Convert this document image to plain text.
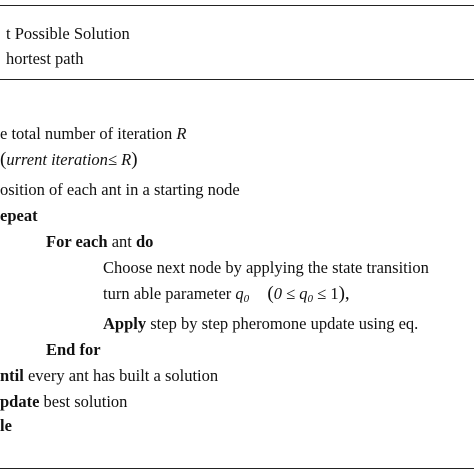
t Possible Solution
hortest path
e total number of iteration R
(urrent iteration≤ R)
osition of each ant in a starting node
epeat
For each ant do
Choose next node by applying the state transition
turn able parameter $q_0$ $(0 \le q_0 \le 1)$,
Apply step by step pheromone update using eq.
End for
ntil every ant has built a solution
pdate best solution
le
